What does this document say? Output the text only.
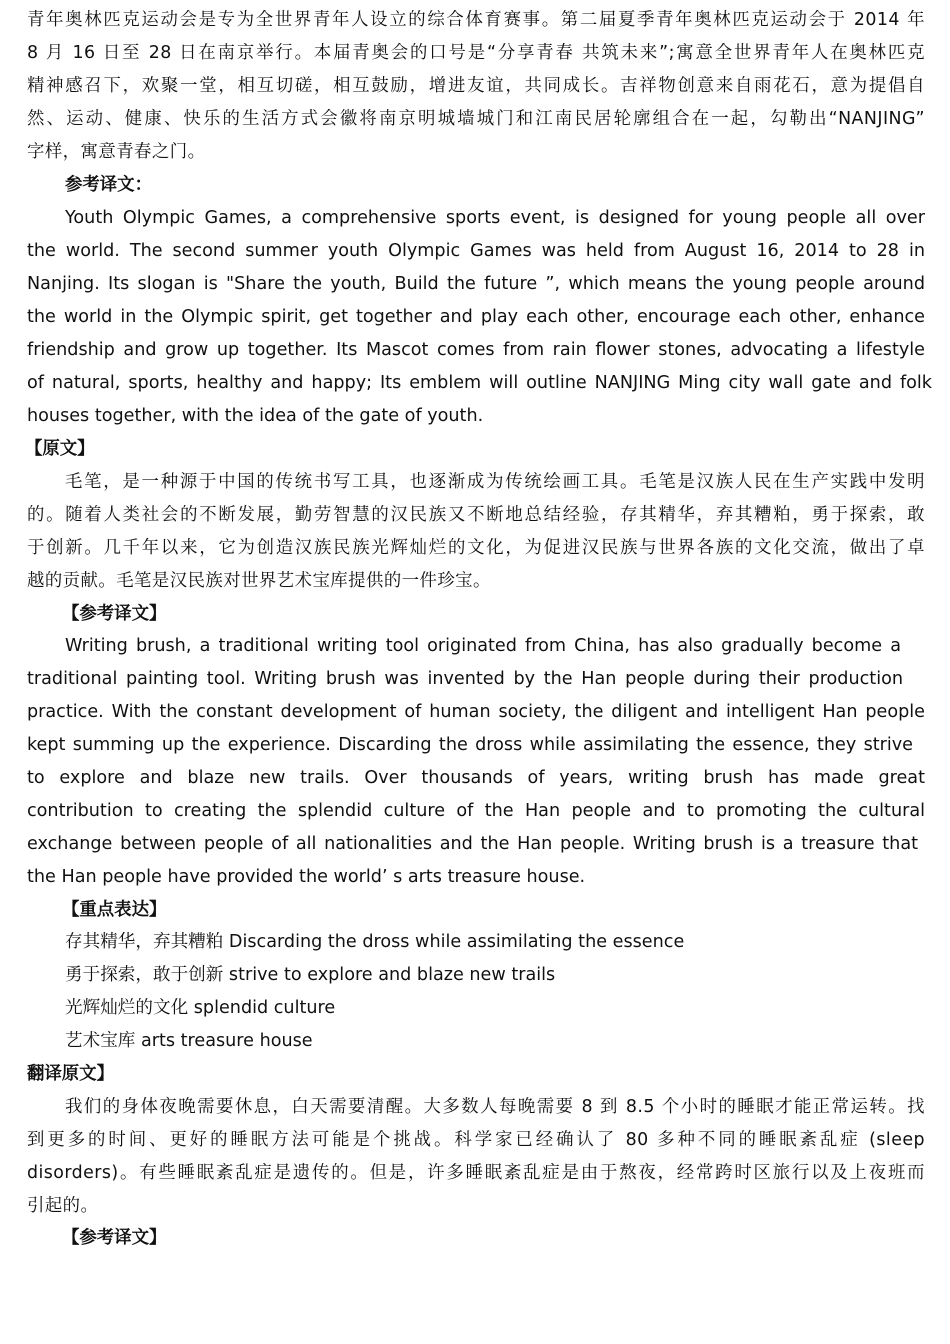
青年奥林匹克运动会是专为全世界青年人设立的综合体育赛事。第二届夏季青年奥林匹克运动会于 2014 年
8 月 16 日至 28 日在南京举行。本届青奥会的口号是“分享青春 共筑未来”;寓意全世界青年人在奥林匹克
精神感召下，欢聚一堂，相互切磋，相互鼓励，增进友谊，共同成长。吉祥物创意来自雨花石，意为提倡自
然、运动、健康、快乐的生活方式会徽将南京明城墙城门和江南民居轮廓组合在一起，勾勒出“NANJING”
字样，寓意青春之门。
参考译文：
Youth Olympic Games, a comprehensive sports event, is designed for young people all over
the world. The second summer youth Olympic Games was held from August 16, 2014 to 28 in
Nanjing. Its slogan is "Share the youth, Build the future ”, which means the young people around
the world in the Olympic spirit, get together and play each other, encourage each other, enhance
friendship and grow up together. Its Mascot comes from rain flower stones, advocating a lifestyle
of natural, sports, healthy and happy; Its emblem will outline NANJING Ming city wall gate and folk
houses together, with the idea of the gate of youth.
【原文】
毛笔，是一种源于中国的传统书写工具，也逐渐成为传统绘画工具。毛笔是汉族人民在生产实践中发明
的。随着人类社会的不断发展，勤劳智慧的汉民族又不断地总结经验，存其精华，弃其糟粕，勇于探索，敢
于创新。几千年以来，它为创造汉族民族光辉灿烂的文化，为促进汉民族与世界各族的文化交流，做出了卓
越的贡献。毛笔是汉民族对世界艺术宝库提供的一件珍宝。
【参考译文】
Writing brush, a traditional writing tool originated from China, has also gradually become a
traditional painting tool. Writing brush was invented by the Han people during their production
practice. With the constant development of human society, the diligent and intelligent Han people
kept summing up the experience. Discarding the dross while assimilating the essence, they strive
to explore and blaze new trails. Over thousands of years, writing brush has made great
contribution to creating the splendid culture of the Han people and to promoting the cultural
exchange between people of all nationalities and the Han people. Writing brush is a treasure that
the Han people have provided the world’ s arts treasure house.
【重点表达】
存其精华，弃其糟粕 Discarding the dross while assimilating the essence
勇于探索，敢于创新 strive to explore and blaze new trails
光辉灿烂的文化 splendid culture
艺术宝库 arts treasure house
翻译原文】
我们的身体夜晚需要休息，白天需要清醒。大多数人每晚需要 8 到 8.5 个小时的睡眠才能正常运转。找
到更多的时间、更好的睡眠方法可能是个挑战。科学家已经确认了 80 多种不同的睡眠紊乱症 (sleep
disorders)。有些睡眠紊乱症是遗传的。但是，许多睡眠紊乱症是由于熬夜，经常跨时区旅行以及上夜班而
引起的。
【参考译文】
